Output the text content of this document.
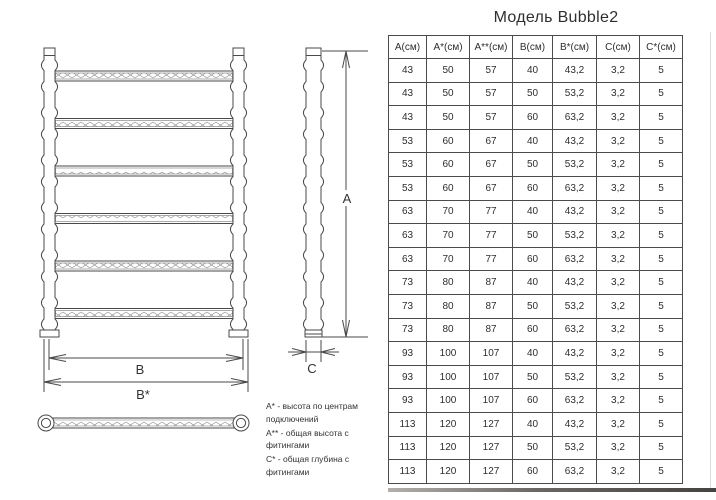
B
B*
A
C
Модель Bubble2
А(см)	А*(см)	А**(см)	В(см)	В*(см)	С(см)	С*(см)
43	50	57	40	43,2	3,2	5
43	50	57	50	53,2	3,2	5
43	50	57	60	63,2	3,2	5
53	60	67	40	43,2	3,2	5
53	60	67	50	53,2	3,2	5
53	60	67	60	63,2	3,2	5
63	70	77	40	43,2	3,2	5
63	70	77	50	53,2	3,2	5
63	70	77	60	63,2	3,2	5
73	80	87	40	43,2	3,2	5
73	80	87	50	53,2	3,2	5
73	80	87	60	63,2	3,2	5
93	100	107	40	43,2	3,2	5
93	100	107	50	53,2	3,2	5
93	100	107	60	63,2	3,2	5
113	120	127	40	43,2	3,2	5
113	120	127	50	53,2	3,2	5
113	120	127	60	63,2	3,2	5

А* - высота по центрам подключений

А** - общая высота с фитингами

С* - общая глубина с фитингами
